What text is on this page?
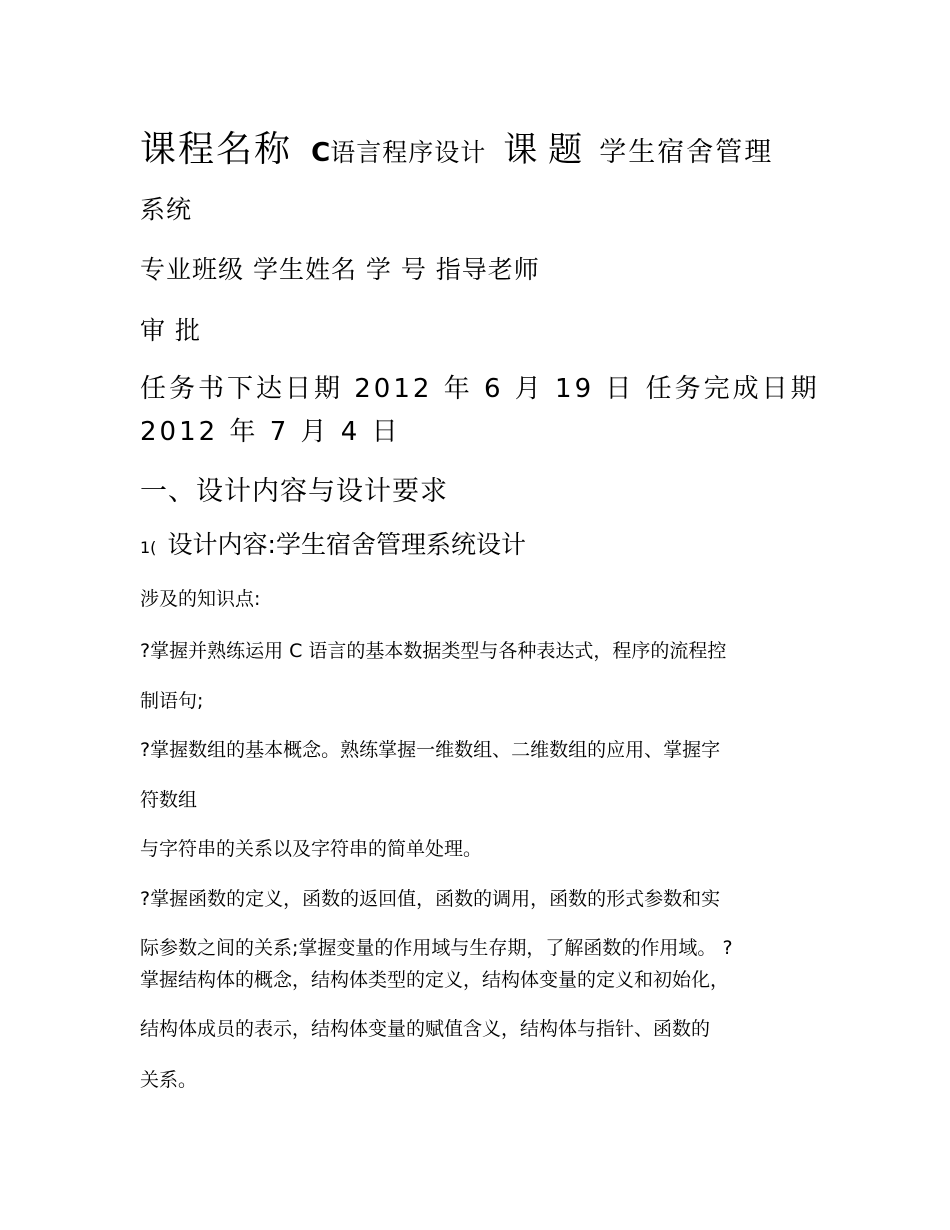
课程名称 C语言程序设计 课 题 学生宿舍管理
系统
专业班级 学生姓名 学 号 指导老师
审 批
任务书下达日期 2012 年 6 月 19 日 任务完成日期
2012 年 7 月 4 日
一、设计内容与设计要求
1( 设计内容:学生宿舍管理系统设计
涉及的知识点:
?掌握并熟练运用 C 语言的基本数据类型与各种表达式，程序的流程控
制语句;
?掌握数组的基本概念。熟练掌握一维数组、二维数组的应用、掌握字
符数组
与字符串的关系以及字符串的简单处理。
?掌握函数的定义，函数的返回值，函数的调用，函数的形式参数和实
际参数之间的关系;掌握变量的作用域与生存期，了解函数的作用域。 ?
掌握结构体的概念，结构体类型的定义，结构体变量的定义和初始化，
结构体成员的表示，结构体变量的赋值含义，结构体与指针、函数的
关系。
